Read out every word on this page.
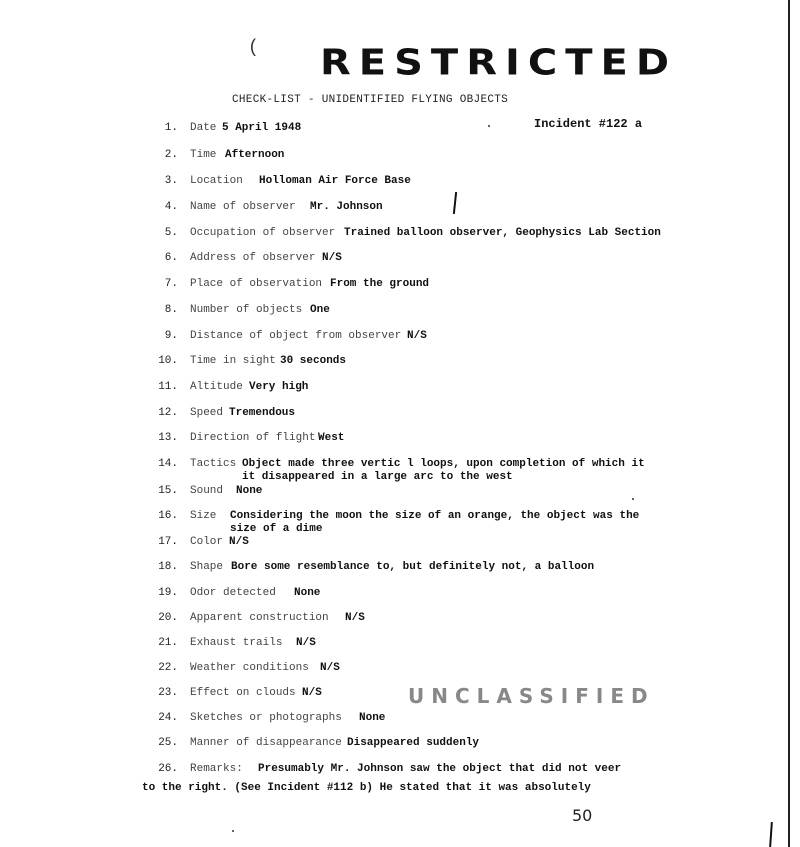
( RESTRICTED
CHECK-LIST - UNIDENTIFIED FLYING OBJECTS
Incident #122 a
1. Date 5 April 1948
2. Time Afternoon
3. Location Holloman Air Force Base
4. Name of observer Mr. Johnson
5. Occupation of observer Trained balloon observer, Geophysics Lab Section
6. Address of observer N/S
7. Place of observation From the ground
8. Number of objects One
9. Distance of object from observer N/S
10. Time in sight 30 seconds
11. Altitude Very high
12. Speed Tremendous
13. Direction of flight West
14. Tactics Object made three vertic l loops, upon completion of which it
it disappeared in a large arc to the west
15. Sound None
16. Size Considering the moon the size of an orange, the object was the
size of a dime
17. Color N/S
18. Shape Bore some resemblance to, but definitely not, a balloon
19. Odor detected None
20. Apparent construction N/S
21. Exhaust trails N/S
22. Weather conditions N/S
23. Effect on clouds N/S
24. Sketches or photographs None
25. Manner of disappearance Disappeared suddenly
26. Remarks: Presumably Mr. Johnson saw the object that did not veer
UNCLASSIFIED
to the right. (See Incident #112 b) He stated that it was absolutely
50
